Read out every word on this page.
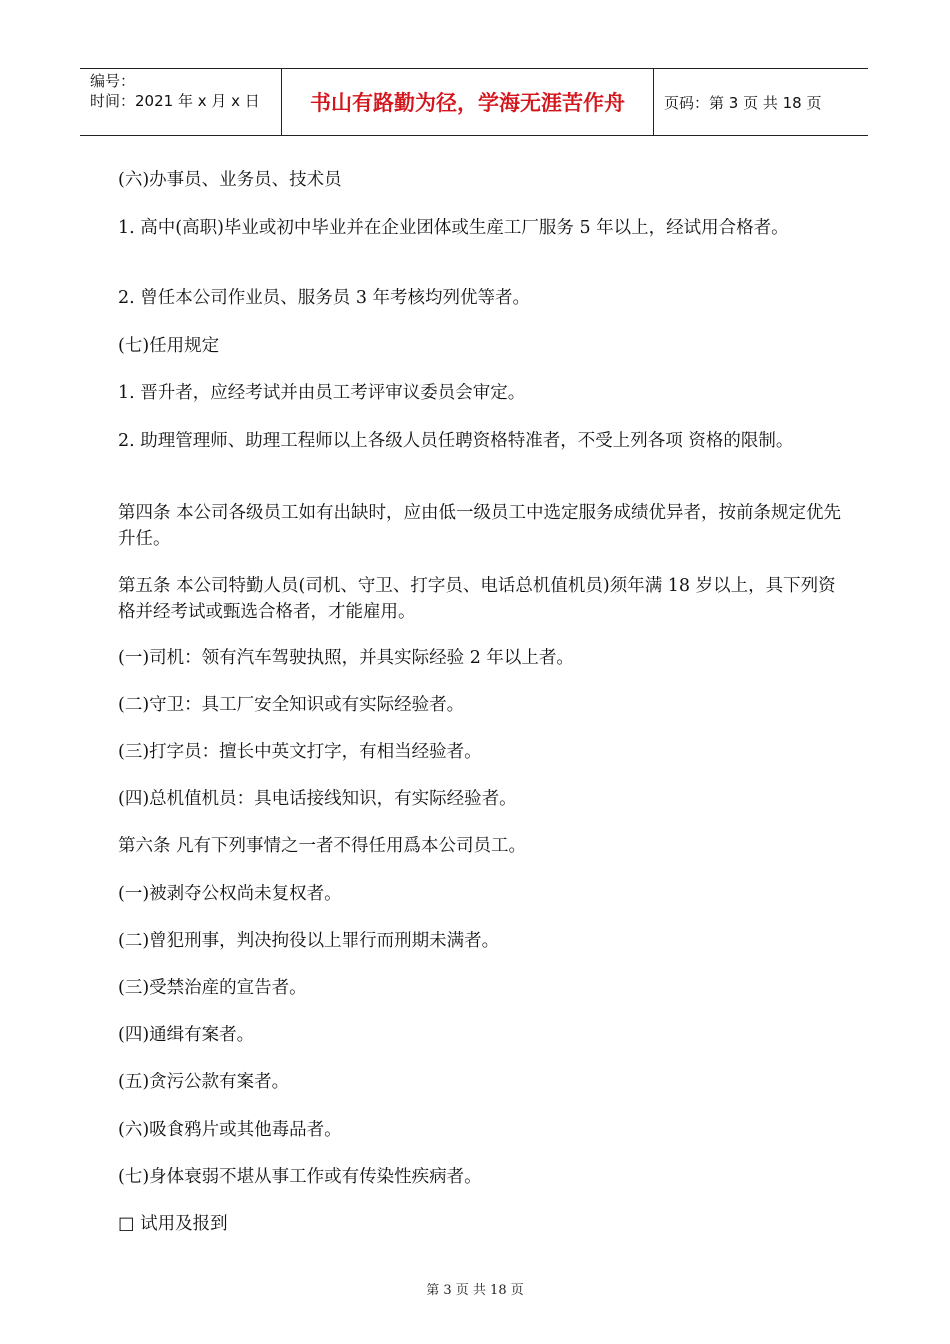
编号：
时间：2021 年 x 月 x 日	书山有路勤为径，学海无涯苦作舟	页码：第 3 页 共 18 页
(六)办事员、业务员、技术员
1. 高中(高职)毕业或初中毕业并在企业团体或生産工厂服务 5 年以上，经试用合格者。
2. 曾任本公司作业员、服务员 3 年考核均列优等者。
(七)任用规定
1. 晋升者，应经考试并由员工考评审议委员会审定。
2. 助理管理师、助理工程师以上各级人员任聘资格特准者，不受上列各项 资格的限制。
第四条 本公司各级员工如有出缺时，应由低一级员工中选定服务成绩优异者，按前条规定优先升任。
第五条 本公司特勤人员(司机、守卫、打字员、电话总机值机员)须年满 18 岁以上，具下列资格并经考试或甄选合格者，才能雇用。
(一)司机：领有汽车驾驶执照，并具实际经验 2 年以上者。
(二)守卫：具工厂安全知识或有实际经验者。
(三)打字员：擅长中英文打字，有相当经验者。
(四)总机值机员：具电话接线知识，有实际经验者。
第六条 凡有下列事情之一者不得任用爲本公司员工。
(一)被剥夺公权尚未复权者。
(二)曾犯刑事，判决拘役以上罪行而刑期未满者。
(三)受禁治産的宣告者。
(四)通缉有案者。
(五)贪污公款有案者。
(六)吸食鸦片或其他毒品者。
(七)身体衰弱不堪从事工作或有传染性疾病者。
□ 试用及报到
第 3 页 共 18 页
